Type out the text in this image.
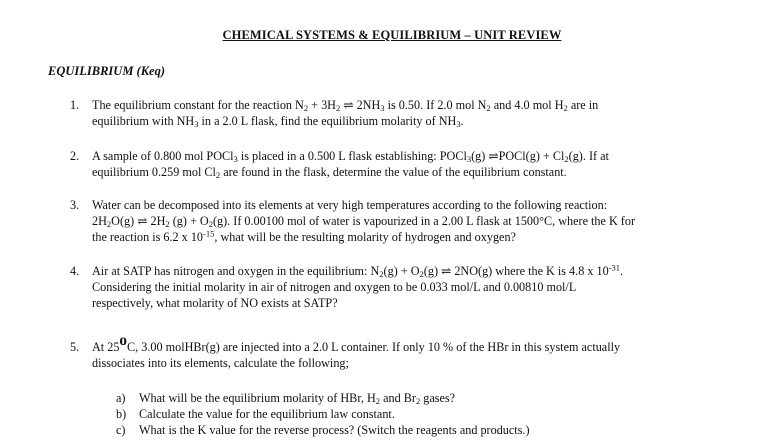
CHEMICAL SYSTEMS & EQUILIBRIUM – UNIT REVIEW
EQUILIBRIUM (Keq)
1.	The equilibrium constant for the reaction $N_2 + 3H_2$ ⇌ $2NH_3$ is 0.50. If 2.0 mol $N_2$ and 4.0 mol $H_2$ are in
equilibrium with $NH_3$ in a 2.0 L flask, find the equilibrium molarity of $NH_3$.
2.	A sample of 0.800 mol POCl$_3$ is placed in a 0.500 L flask establishing: POCl$_3$(g) ⇌POCl(g) + $Cl_2(g)$. If at
equilibrium 0.259 mol $Cl_2$ are found in the flask, determine the value of the equilibrium constant.
3.	Water can be decomposed into its elements at very high temperatures according to the following reaction:
$2H_2O(g)$ ⇌ $2H_2$ $(g) + O_2(g)$. If 0.00100 mol of water is vapourized in a 2.00 L flask at 1500°C, where the K for
the reaction is 6.2 x $10^{-15}$, what will be the resulting molarity of hydrogen and oxygen?
4.	Air at SATP has nitrogen and oxygen in the equilibrium: $N_2(g) + O_2(g)$ ⇌ 2NO(g) where the K is 4.8 x $10^{-31}$.
Considering the initial molarity in air of nitrogen and oxygen to be 0.033 mol/L and 0.00810 mol/L
respectively, what molarity of NO exists at SATP?
5.	At 25oC, 3.00 molHBr(g) are injected into a 2.0 L container. If only 10 % of the HBr in this system actually
dissociates into its elements, calculate the following;
a)	What will be the equilibrium molarity of HBr, $H_2$ and $Br_2$ gases?
b)	Calculate the value for the equilibrium law constant.
c)	What is the K value for the reverse process? (Switch the reagents and products.)
